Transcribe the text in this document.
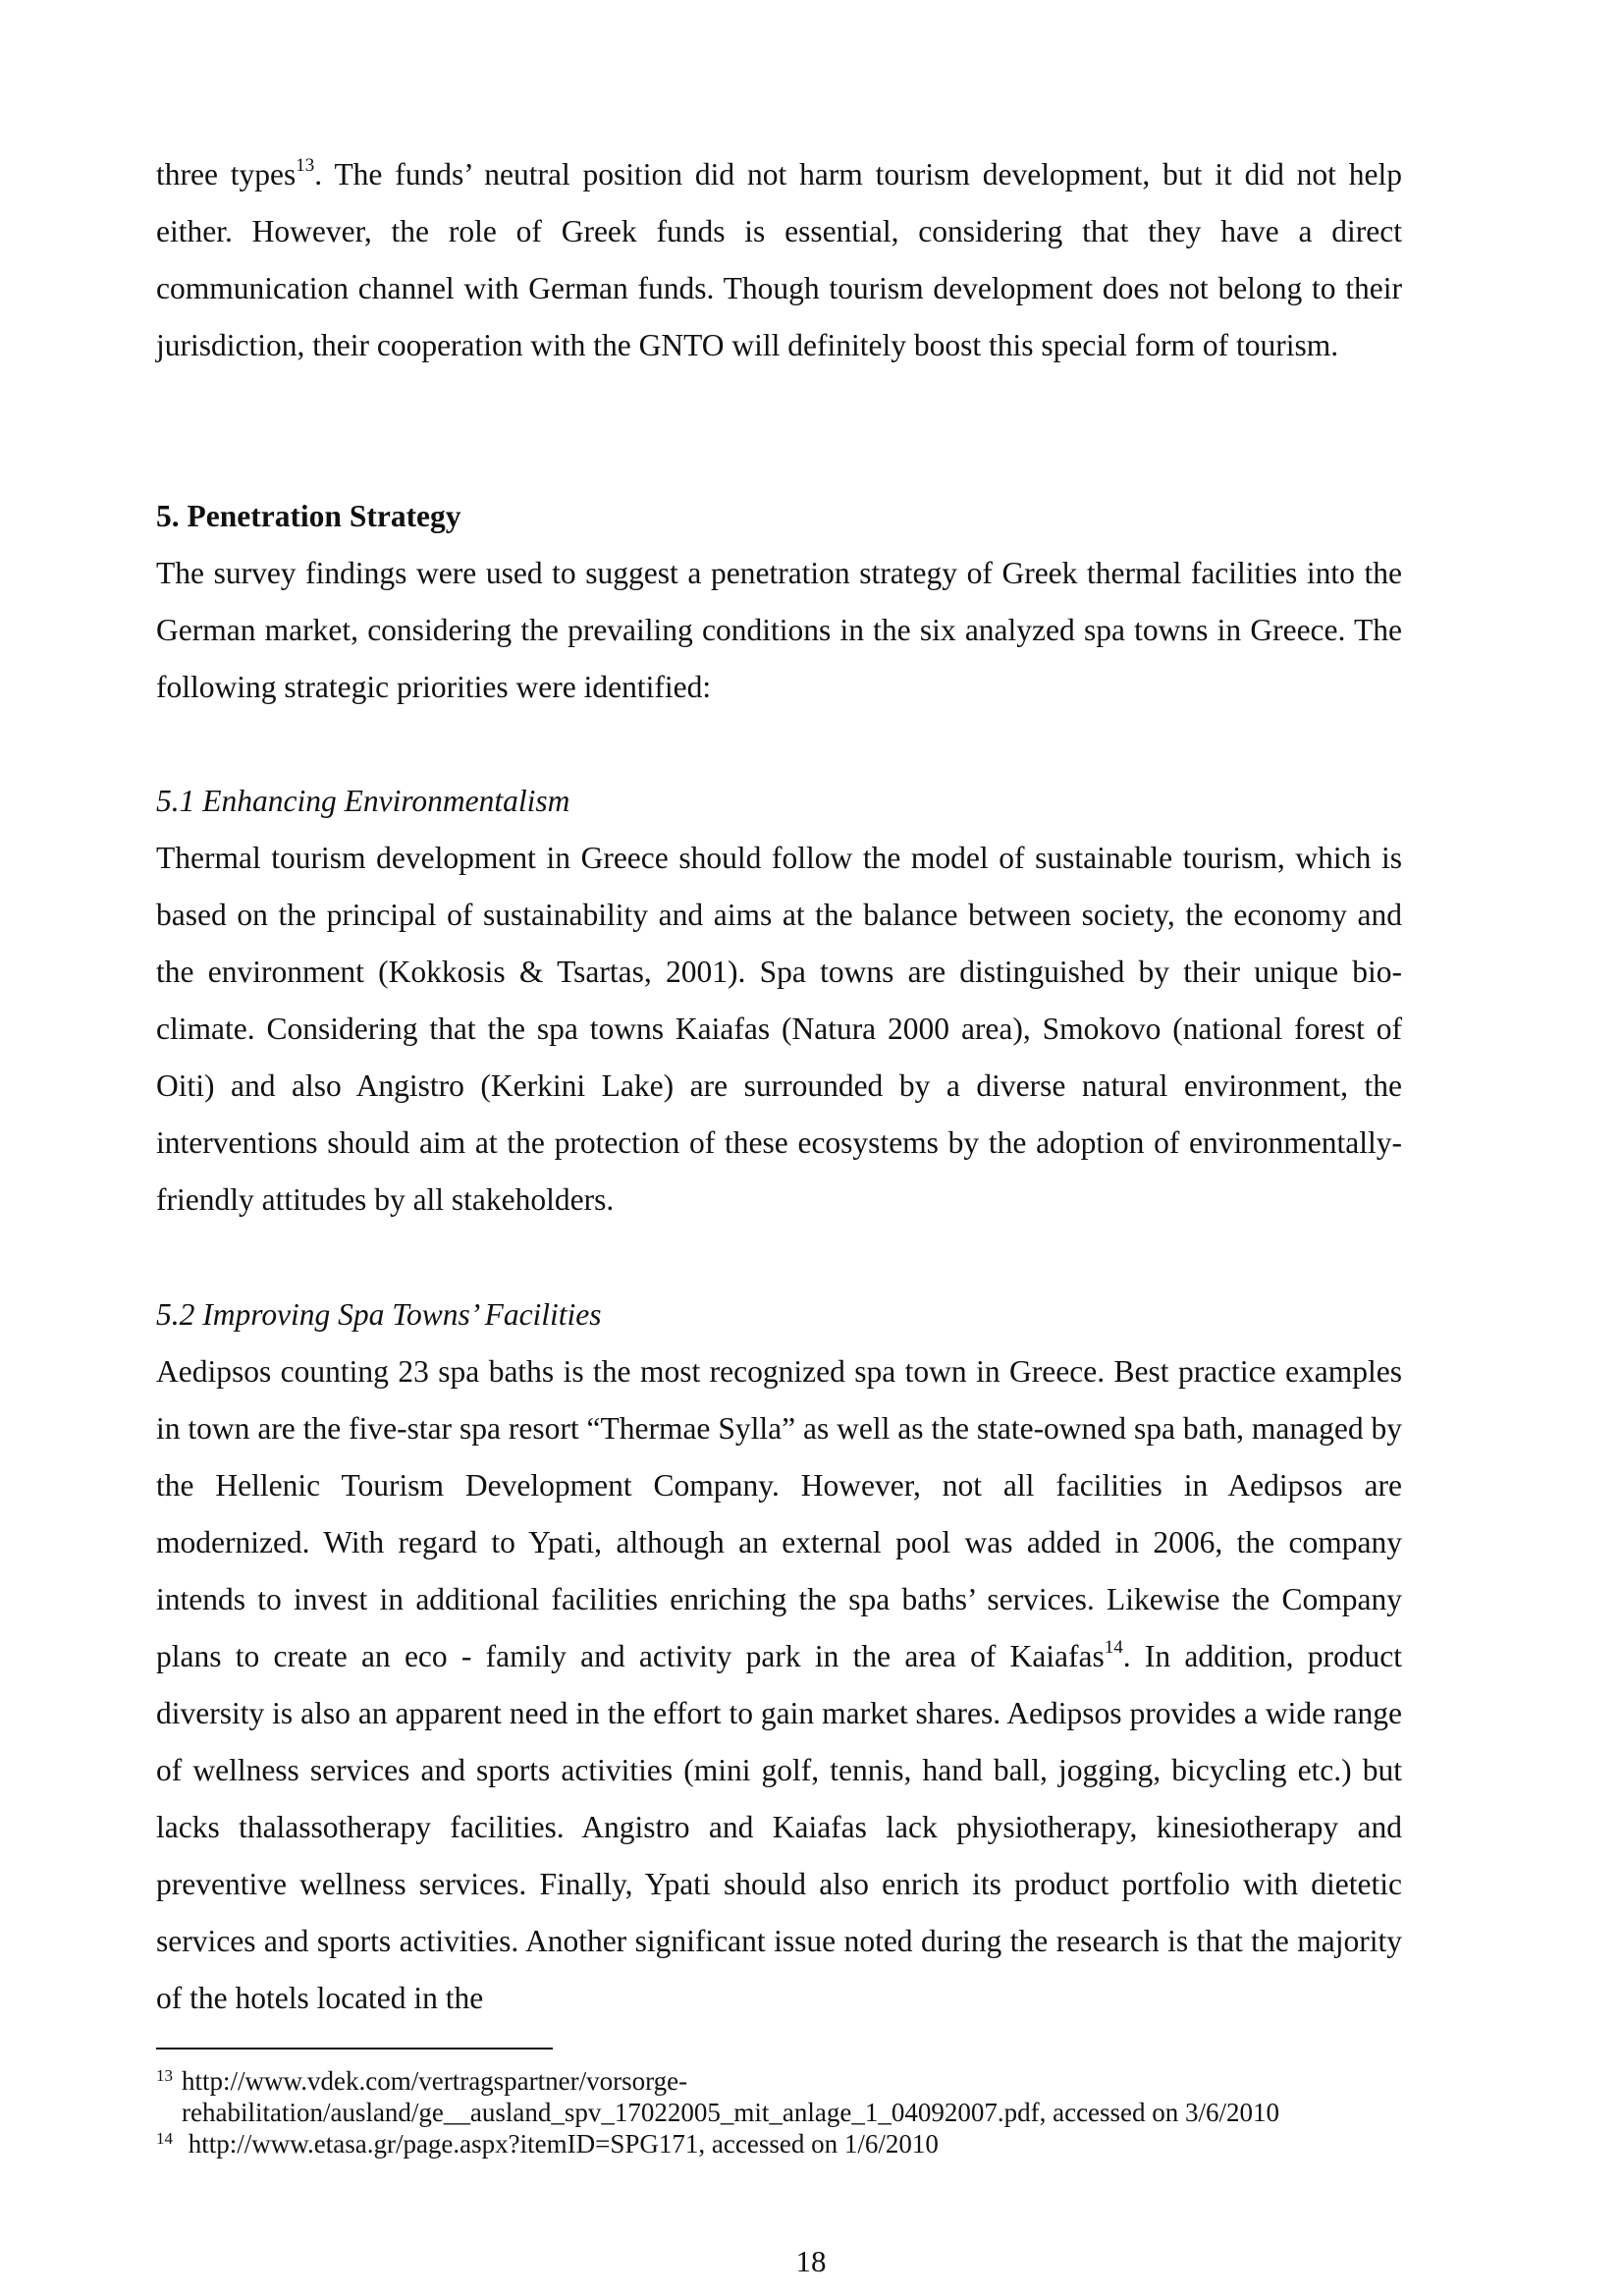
three types$^{13}$. The funds’ neutral position did not harm tourism development, but it did not help either. However, the role of Greek funds is essential, considering that they have a direct communication channel with German funds. Though tourism development does not belong to their jurisdiction, their cooperation with the GNTO will definitely boost this special form of tourism.

5. Penetration Strategy

The survey findings were used to suggest a penetration strategy of Greek thermal facilities into the German market, considering the prevailing conditions in the six analyzed spa towns in Greece. The following strategic priorities were identified:

5.1 Enhancing Environmentalism

Thermal tourism development in Greece should follow the model of sustainable tourism, which is based on the principal of sustainability and aims at the balance between society, the economy and the environment (Kokkosis & Tsartas, 2001). Spa towns are distinguished by their unique bio-climate. Considering that the spa towns Kaiafas (Natura 2000 area), Smokovo (national forest of Oiti) and also Angistro (Kerkini Lake) are surrounded by a diverse natural environment, the interventions should aim at the protection of these ecosystems by the adoption of environmentally-friendly attitudes by all stakeholders.

5.2 Improving Spa Towns’ Facilities

Aedipsos counting 23 spa baths is the most recognized spa town in Greece. Best practice examples in town are the five-star spa resort “Thermae Sylla” as well as the state-owned spa bath, managed by the Hellenic Tourism Development Company. However, not all facilities in Aedipsos are modernized. With regard to Ypati, although an external pool was added in 2006, the company intends to invest in additional facilities enriching the spa baths’ services. Likewise the Company plans to create an eco - family and activity park in the area of Kaiafas$^{14}$. In addition, product diversity is also an apparent need in the effort to gain market shares. Aedipsos provides a wide range of wellness services and sports activities (mini golf, tennis, hand ball, jogging, bicycling etc.) but lacks thalassotherapy facilities. Angistro and Kaiafas lack physiotherapy, kinesiotherapy and preventive wellness services. Finally, Ypati should also enrich its product portfolio with dietetic services and sports activities. Another significant issue noted during the research is that the majority of the hotels located in the

13 http://www.vdek.com/vertragspartner/vorsorge-
rehabilitation/ausland/ge__ausland_spv_17022005_mit_anlage_1_04092007.pdf, accessed on 3/6/2010
14 http://www.etasa.gr/page.aspx?itemID=SPG171, accessed on 1/6/2010
18
